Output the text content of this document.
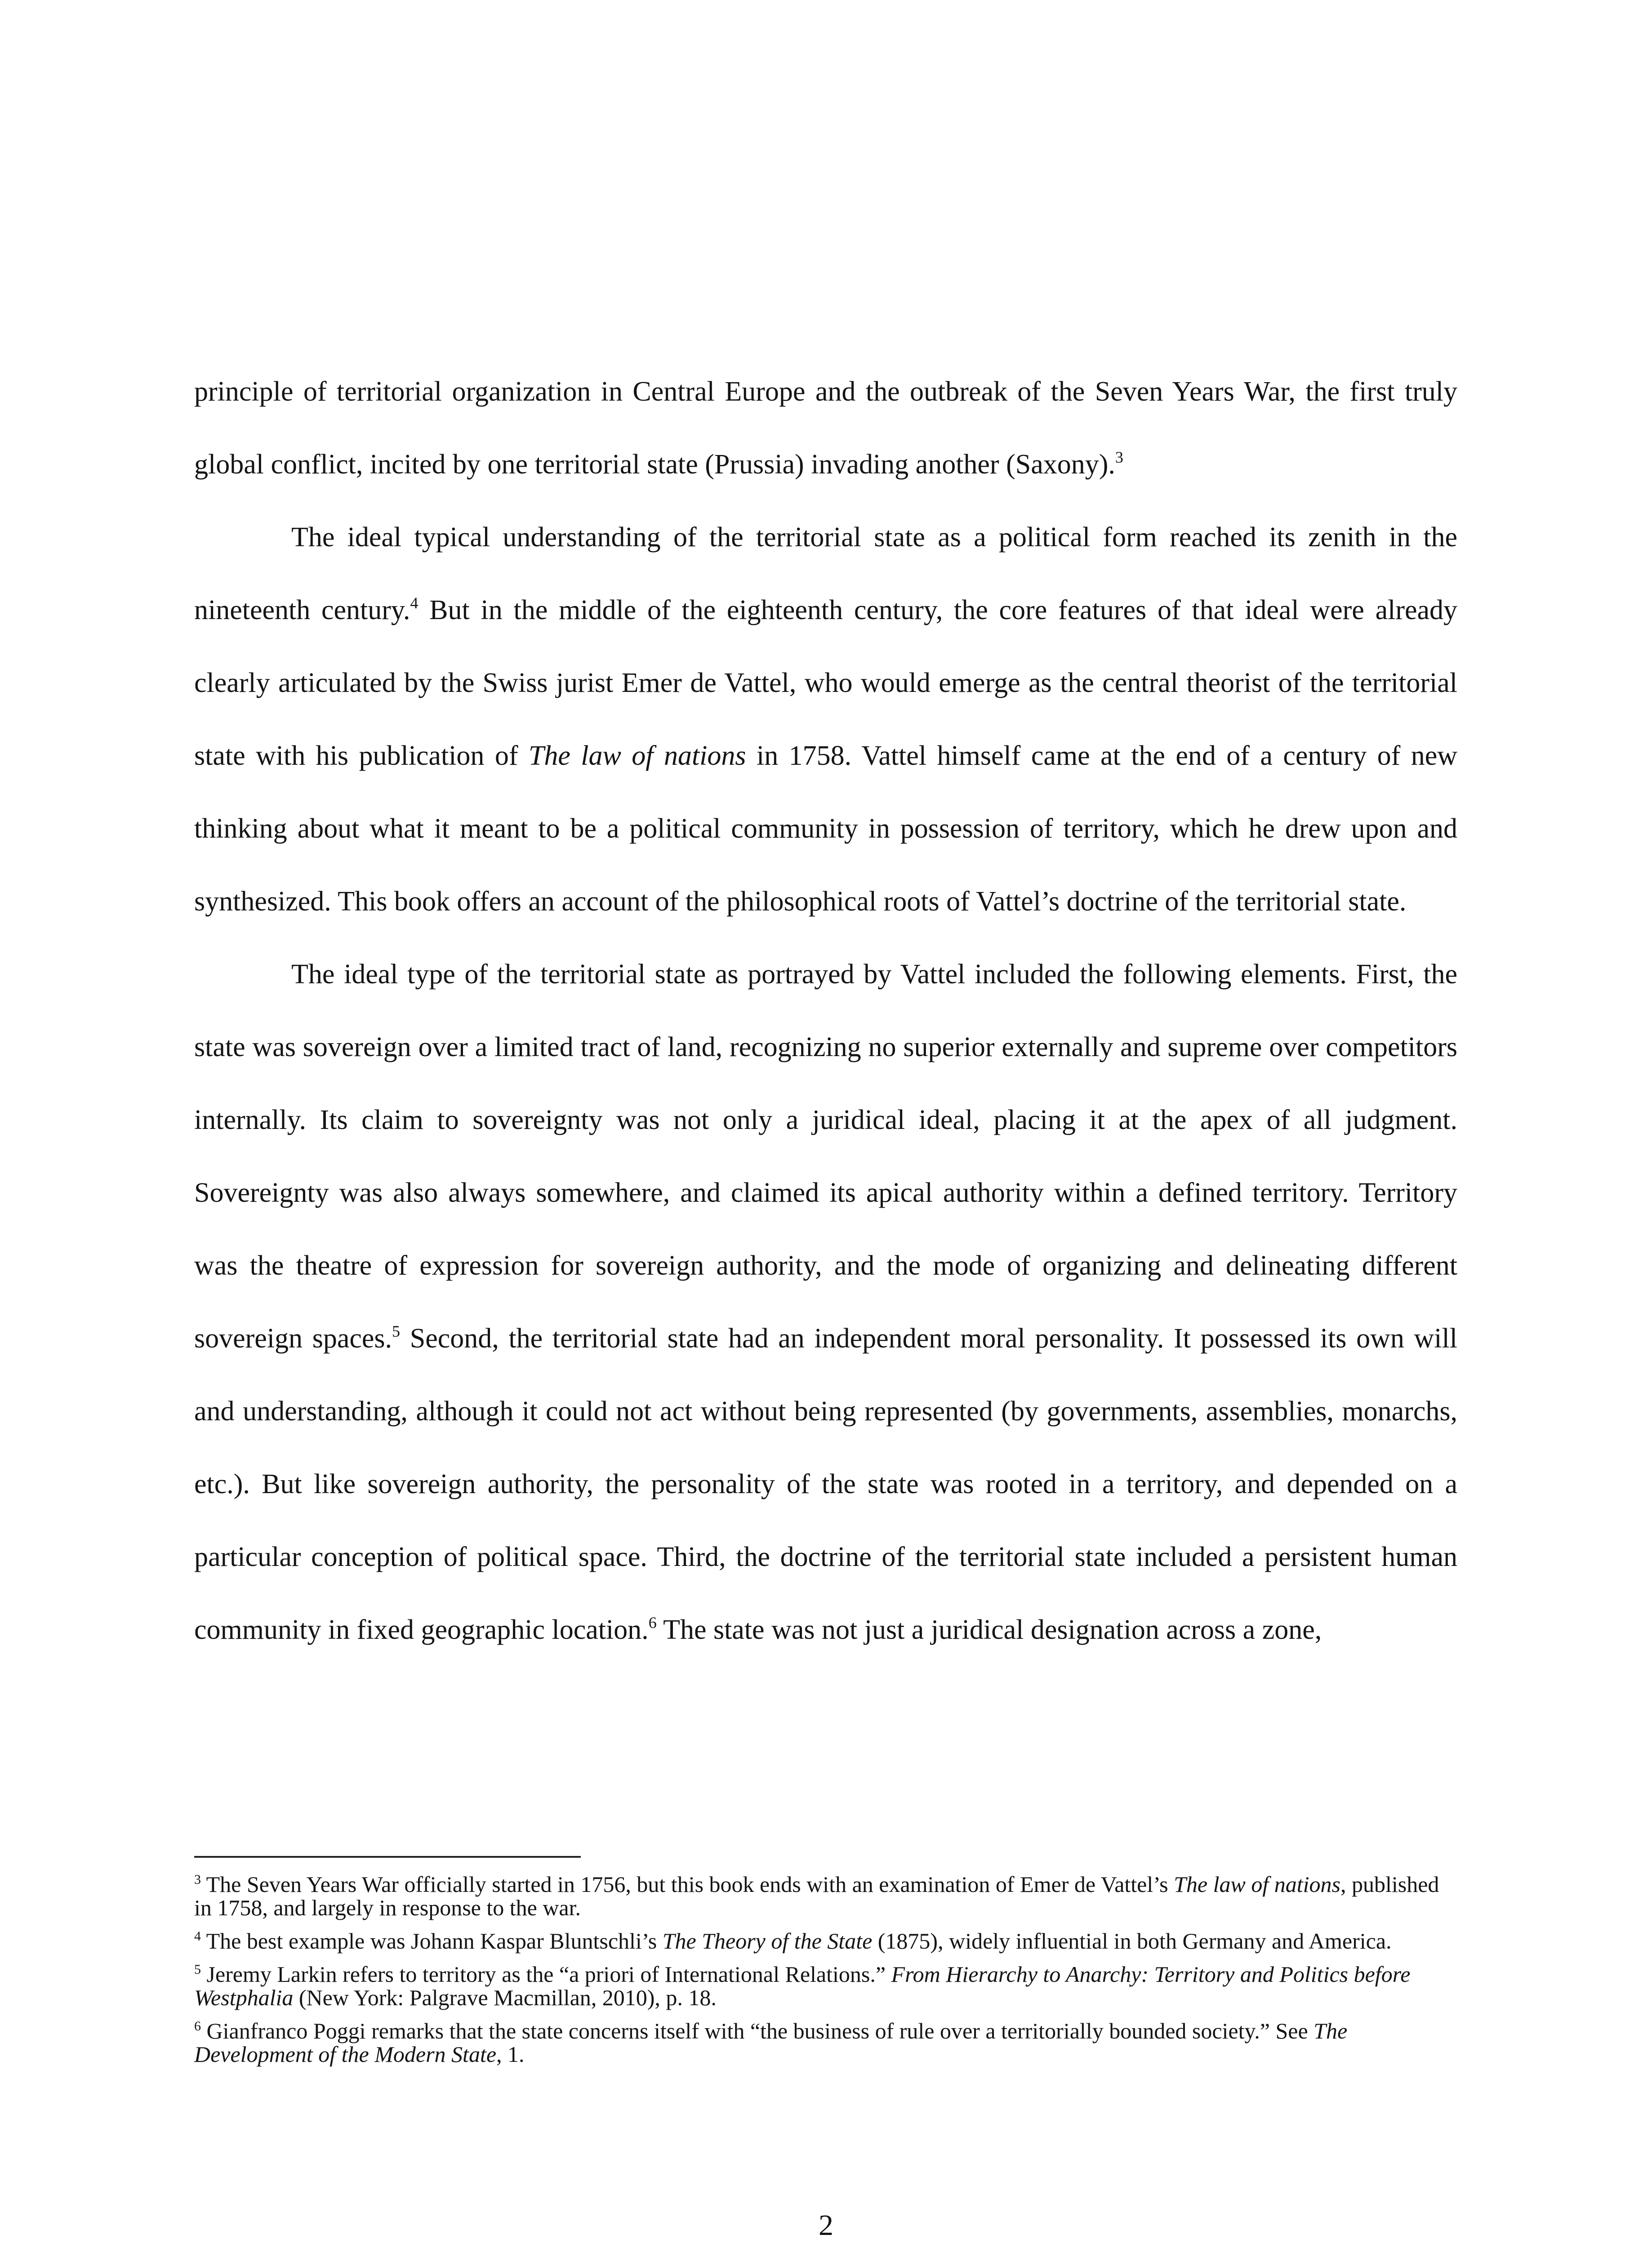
principle of territorial organization in Central Europe and the outbreak of the Seven Years War, the first truly global conflict, incited by one territorial state (Prussia) invading another (Saxony).$^3$

The ideal typical understanding of the territorial state as a political form reached its zenith in the nineteenth century.$^4$ But in the middle of the eighteenth century, the core features of that ideal were already clearly articulated by the Swiss jurist Emer de Vattel, who would emerge as the central theorist of the territorial state with his publication of The law of nations in 1758. Vattel himself came at the end of a century of new thinking about what it meant to be a political community in possession of territory, which he drew upon and synthesized. This book offers an account of the philosophical roots of Vattel’s doctrine of the territorial state.

The ideal type of the territorial state as portrayed by Vattel included the following elements. First, the state was sovereign over a limited tract of land, recognizing no superior externally and supreme over competitors internally. Its claim to sovereignty was not only a juridical ideal, placing it at the apex of all judgment. Sovereignty was also always somewhere, and claimed its apical authority within a defined territory. Territory was the theatre of expression for sovereign authority, and the mode of organizing and delineating different sovereign spaces.$^5$ Second, the territorial state had an independent moral personality. It possessed its own will and understanding, although it could not act without being represented (by governments, assemblies, monarchs, etc.). But like sovereign authority, the personality of the state was rooted in a territory, and depended on a particular conception of political space. Third, the doctrine of the territorial state included a persistent human community in fixed geographic location.$^6$ The state was not just a juridical designation across a zone,

$^3$ The Seven Years War officially started in 1756, but this book ends with an examination of Emer de Vattel’s The law of nations, published in 1758, and largely in response to the war.

$^4$ The best example was Johann Kaspar Bluntschli’s The Theory of the State (1875), widely influential in both Germany and America.

$^5$ Jeremy Larkin refers to territory as the “a priori of International Relations.” From Hierarchy to Anarchy: Territory and Politics before Westphalia (New York: Palgrave Macmillan, 2010), p. 18.

$^6$ Gianfranco Poggi remarks that the state concerns itself with “the business of rule over a territorially bounded society.” See The Development of the Modern State, 1.

2
